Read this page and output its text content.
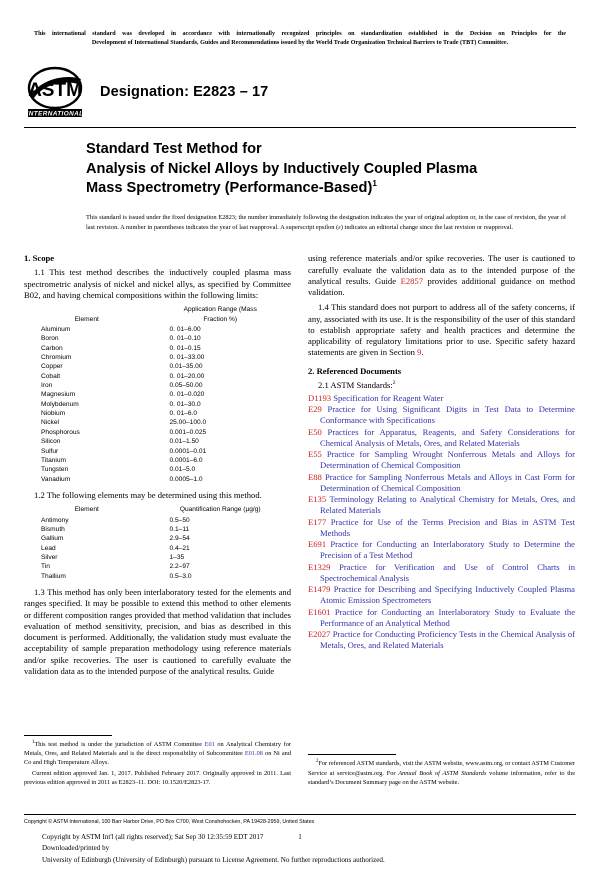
This international standard was developed in accordance with internationally recognized principles on standardization established in the Decision on Principles for the
Development of International Standards, Guides and Recommendations issued by the World Trade Organization Technical Barriers to Trade (TBT) Committee.
ASTM
INTERNATIONAL
Designation: E2823 – 17
Standard Test Method for
Analysis of Nickel Alloys by Inductively Coupled Plasma
Mass Spectrometry (Performance-Based)$^1$
This standard is issued under the fixed designation E2823; the number immediately following the designation indicates the year of original adoption or, in the case of revision, the year of last revision. A number in parentheses indicates the year of last reapproval. A superscript epsilon (ε) indicates an editorial change since the last revision or reapproval.
1. Scope

1.1 This test method describes the inductively coupled plasma mass spectrometric analysis of nickel and nickel allys, as specified by Committee B02, and having chemical compositions within the following limits:

Element	Application Range (Mass
Fraction %)

Aluminum	0. 01–6.00
Boron	0. 01–0.10
Carbon	0. 01–0.15
Chromium	0. 01–33.00
Copper	0.01–35.00
Cobalt	0. 01–20.00
Iron	0.05–50.00
Magnesium	0. 01–0.020
Molybdenum	0. 01–30.0
Niobium	0. 01–6.0
Nickel	25.00–100.0
Phosphorous	0.001–0.025
Silicon	0.01–1.50
Sulfur	0.0001–0.01
Titanium	0.0001–6.0
Tungsten	0.01–5.0
Vanadium	0.0005–1.0

1.2 The following elements may be determined using this method.

Element	Quantification Range (µg/g)
Antimony	0.5–50
Bismuth	0.1–11
Gallium	2.9–54
Lead	0.4–21
Silver	1–35
Tin	2.2–97
Thallium	0.5–3.0

1.3 This method has only been interlaboratory tested for the elements and ranges specified. It may be possible to extend this method to other elements or different composition ranges provided that method validation that includes evaluation of method sensitivity, precision, and bias as described in this document is performed. Additionally, the validation study must evaluate the acceptability of sample preparation methodology using reference materials and/or spike recoveries. The user is cautioned to carefully evaluate the validation data as to the intended purpose of the analytical results. Guide

using reference materials and/or spike recoveries. The user is cautioned to carefully evaluate the validation data as to the intended purpose of the analytical results. Guide E2857 provides additional guidance on method validation.

1.4 This standard does not purport to address all of the safety concerns, if any, associated with its use. It is the responsibility of the user of this standard to establish appropriate safety and health practices and determine the applicability of regulatory limitations prior to use. Specific safety hazard statements are given in Section 9.

2. Referenced Documents

2.1 ASTM Standards:$^2$

D1193 Specification for Reagent Water

E29 Practice for Using Significant Digits in Test Data to Determine Conformance with Specifications

E50 Practices for Apparatus, Reagents, and Safety Considerations for Chemical Analysis of Metals, Ores, and Related Materials

E55 Practice for Sampling Wrought Nonferrous Metals and Alloys for Determination of Chemical Composition

E88 Practice for Sampling Nonferrous Metals and Alloys in Cast Form for Determination of Chemical Composition

E135 Terminology Relating to Analytical Chemistry for Metals, Ores, and Related Materials

E177 Practice for Use of the Terms Precision and Bias in ASTM Test Methods

E691 Practice for Conducting an Interlaboratory Study to Determine the Precision of a Test Method

E1329 Practice for Verification and Use of Control Charts in Spectrochemical Analysis

E1479 Practice for Describing and Specifying Inductively Coupled Plasma Atomic Emission Spectrometers

E1601 Practice for Conducting an Interlaboratory Study to Evaluate the Performance of an Analytical Method

E2027 Practice for Conducting Proficiency Tests in the Chemical Analysis of Metals, Ores, and Related Materials

$^1$This test method is under the jurisdiction of ASTM Committee E01 on Analytical Chemistry for Metals, Ores, and Related Materials and is the direct responsibility of Subcommittee E01.08 on Ni and Co and High Temperature Alloys.

Current edition approved Jan. 1, 2017. Published February 2017. Originally approved in 2011. Last previous edition approved in 2011 as E2823–11. DOI: 10.1520/E2823-17.

$^2$For referenced ASTM standards, visit the ASTM website, www.astm.org, or contact ASTM Customer Service at service@astm.org. For Annual Book of ASTM Standards volume information, refer to the standard’s Document Summary page on the ASTM website.

Copyright © ASTM International, 100 Barr Harbor Drive, PO Box C700, West Conshohocken, PA 19428-2959, United States

1

Copyright by ASTM Int'l (all rights reserved); Sat Sep 30 12:35:59 EDT 2017

Downloaded/printed by

University of Edinburgh (University of Edinburgh) pursuant to License Agreement. No further reproductions authorized.
